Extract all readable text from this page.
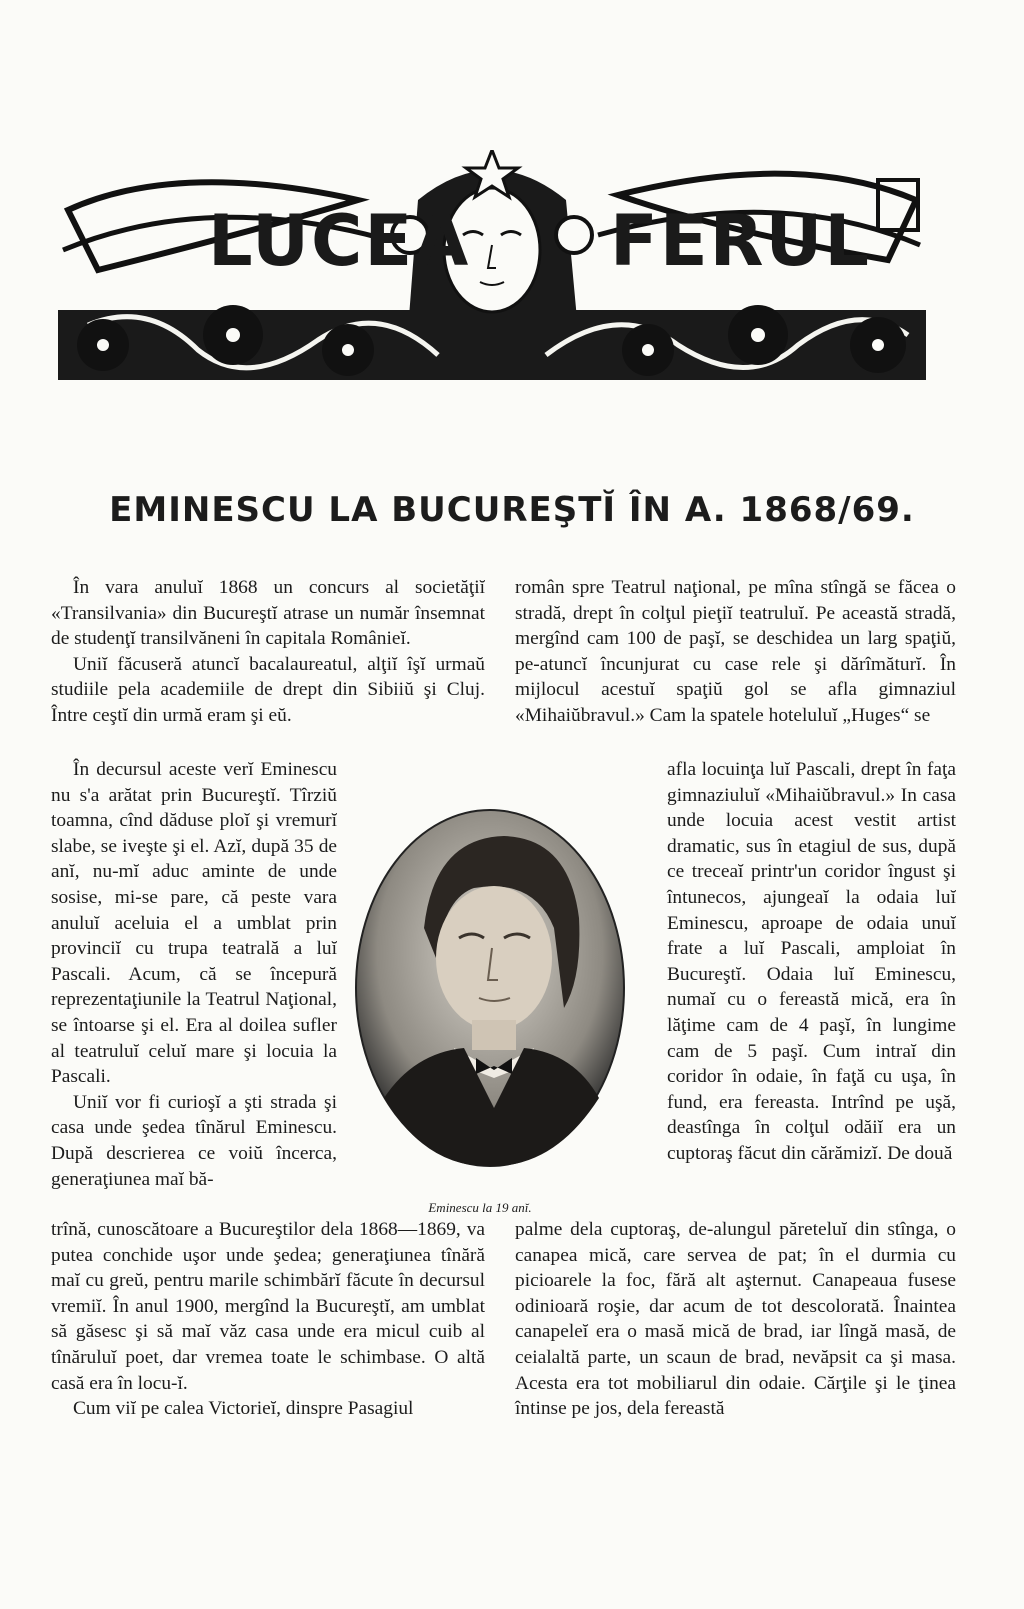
LUCEA FERUL
EMINESCU LA BUCUREŞTĬ ÎN A. 1868/69.

În vara anuluĭ 1868 un concurs al societăţiĭ «Transilvania» din Bucureştĭ atrase un număr însemnat de studenţĭ transilvăneni în capitala Românieĭ.

Uniĭ făcuseră atuncĭ bacalaureatul, alţiĭ îşĭ urmaŭ studiile pela academiile de drept din Sibiiŭ şi Cluj. Între ceştĭ din urmă eram şi eŭ.

În decursul aceste verĭ Eminescu nu s'a arătat prin Bucureştĭ. Tîrziŭ toamna, cînd dăduse ploĭ şi vremurĭ slabe, se iveşte şi el. Azĭ, după 35 de anĭ, nu-mĭ aduc aminte de unde sosise, mi-se pare, că peste vara anuluĭ aceluia el a umblat prin provinciĭ cu trupa teatrală a luĭ Pascali. Acum, că se începură reprezentaţiunile la Teatrul Naţional, se întoarse şi el. Era al doilea sufler al teatruluĭ celuĭ mare şi locuia la Pascali.

Uniĭ vor fi curioşĭ a şti strada şi casa unde şedea tînărul Eminescu. După descrierea ce voiŭ încerca, generaţiunea maĭ bă-

trînă, cunoscătoare a Bucureştilor dela 1868—1869, va putea conchide uşor unde şedea; generaţiunea tînără maĭ cu greŭ, pentru marile schimbărĭ făcute în decursul vremiĭ. În anul 1900, mergînd la Bucureştĭ, am umblat să găsesc şi să maĭ văz casa unde era micul cuib al tînăruluĭ poet, dar vremea toate le schimbase. O altă casă era în locu-ĭ.

Cum viĭ pe calea Victorieĭ, dinspre Pasagiul

român spre Teatrul naţional, pe mîna stîngă se făcea o stradă, drept în colţul pieţiĭ teatruluĭ. Pe această stradă, mergînd cam 100 de paşĭ, se deschidea un larg spaţiŭ, pe-atuncĭ încunjurat cu case rele şi dărîmăturĭ. În mijlocul acestuĭ spaţiŭ gol se afla gimnaziul «Mihaiŭbravul.» Cam la spatele hoteluluĭ „Huges“ se

afla locuinţa luĭ Pascali, drept în faţa gimnaziuluĭ «Mihaiŭbravul.» In casa unde locuia acest vestit artist dramatic, sus în etagiul de sus, după ce treceaĭ printr'un coridor îngust şi întunecos, ajungeaĭ la odaia luĭ Eminescu, aproape de odaia unuĭ frate a luĭ Pascali, amploiat în Bucureştĭ. Odaia luĭ Eminescu, numaĭ cu o fereastă mică, era în lăţime cam de 4 paşĭ, în lungime cam de 5 paşĭ. Cum intraĭ din coridor în odaie, în faţă cu uşa, în fund, era fereasta. Intrînd pe uşă, deastînga în colţul odăiĭ era un cuptoraş făcut din cărămizĭ. De două

palme dela cuptoraş, de-alungul păreteluĭ din stînga, o canapea mică, care servea de pat; în el durmia cu picioarele la foc, fără alt aşternut. Canapeaua fusese odinioară roşie, dar acum de tot descolorată. Înaintea canapeleĭ era o masă mică de brad, iar lîngă masă, de ceialaltă parte, un scaun de brad, nevăpsit ca şi masa. Acesta era tot mobiliarul din odaie. Cărţile şi le ţinea întinse pe jos, dela fereastă

Eminescu la 19 anĭ.
